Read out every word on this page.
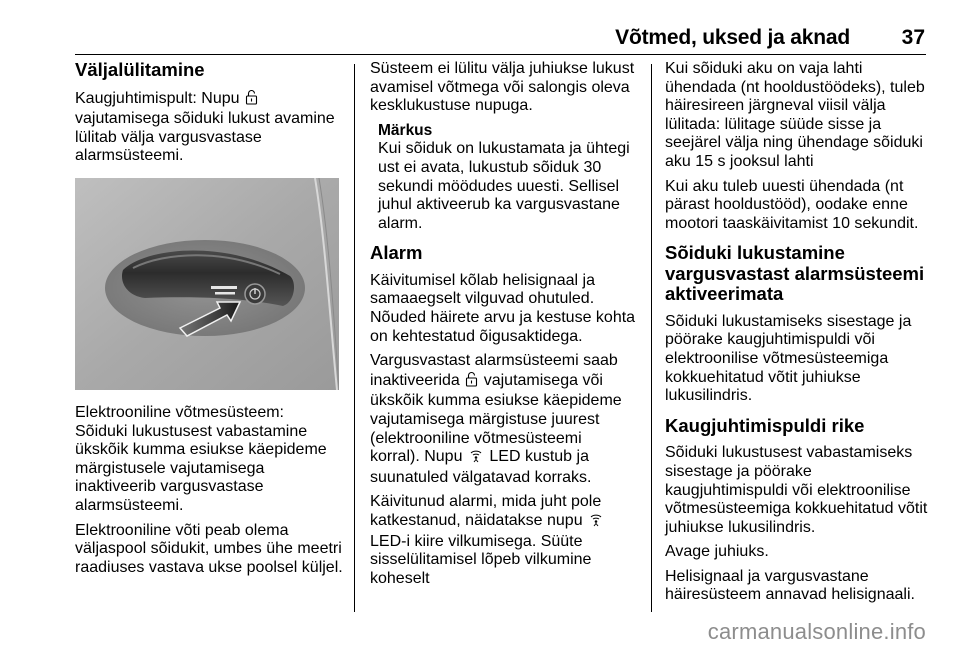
Võtmed, uksed ja aknad 37
Väljalülitamine

Kaugjuhtimispult: Nupu
vajutamisega sõiduki lukust avamine
lülitab välja vargusvastase
alarmsüsteemi.

Elektrooniline võtmesüsteem:
Sõiduki lukustusest vabastamine
ükskõik kumma esiukse käepideme
märgistusele vajutamisega
inaktiveerib vargusvastase
alarmsüsteemi.

Elektrooniline võti peab olema
väljaspool sõidukit, umbes ühe meetri
raadiuses vastava ukse poolsel küljel.

Süsteem ei lülitu välja juhiukse lukust
avamisel võtmega või salongis oleva
kesklukustuse nupuga.

Märkus
Kui sõiduk on lukustamata ja ühtegi
ust ei avata, lukustub sõiduk 30
sekundi möödudes uuesti. Sellisel
juhul aktiveerub ka vargusvastane
alarm.
Alarm

Käivitumisel kõlab helisignaal ja
samaaegselt vilguvad ohutuled.
Nõuded häirete arvu ja kestuse kohta
on kehtestatud õigusaktidega.

Vargusvastast alarmsüsteemi saab
inaktiveerida  vajutamisega või
ükskõik kumma esiukse käepideme
vajutamisega märgistuse juurest
(elektrooniline võtmesüsteemi
korral). Nupu  LED kustub ja
suunatuled välgatavad korraks.

Käivitunud alarmi, mida juht pole
katkestanud, näidatakse nupu
LED-i kiire vilkumisega. Süüte
sisselülitamisel lõpeb vilkumine
koheselt

Kui sõiduki aku on vaja lahti
ühendada (nt hooldustöödeks), tuleb
häiresireen järgneval viisil välja
lülitada: lülitage süüde sisse ja
seejärel välja ning ühendage sõiduki
aku 15 s jooksul lahti

Kui aku tuleb uuesti ühendada (nt
pärast hooldustööd), oodake enne
mootori taaskäivitamist 10 sekundit.

Sõiduki lukustamine
vargusvastast alarmsüsteemi
aktiveerimata

Sõiduki lukustamiseks sisestage ja
pöörake kaugjuhtimispuldi või
elektroonilise võtmesüsteemiga
kokkuehitatud võtit juhiukse
lukusilindris.

Kaugjuhtimispuldi rike

Sõiduki lukustusest vabastamiseks
sisestage ja pöörake
kaugjuhtimispuldi või elektroonilise
võtmesüsteemiga kokkuehitatud võtit
juhiukse lukusilindris.

Avage juhiuks.

Helisignaal ja vargusvastane
häiresüsteem annavad helisignaali.

carmanualsonline.info
